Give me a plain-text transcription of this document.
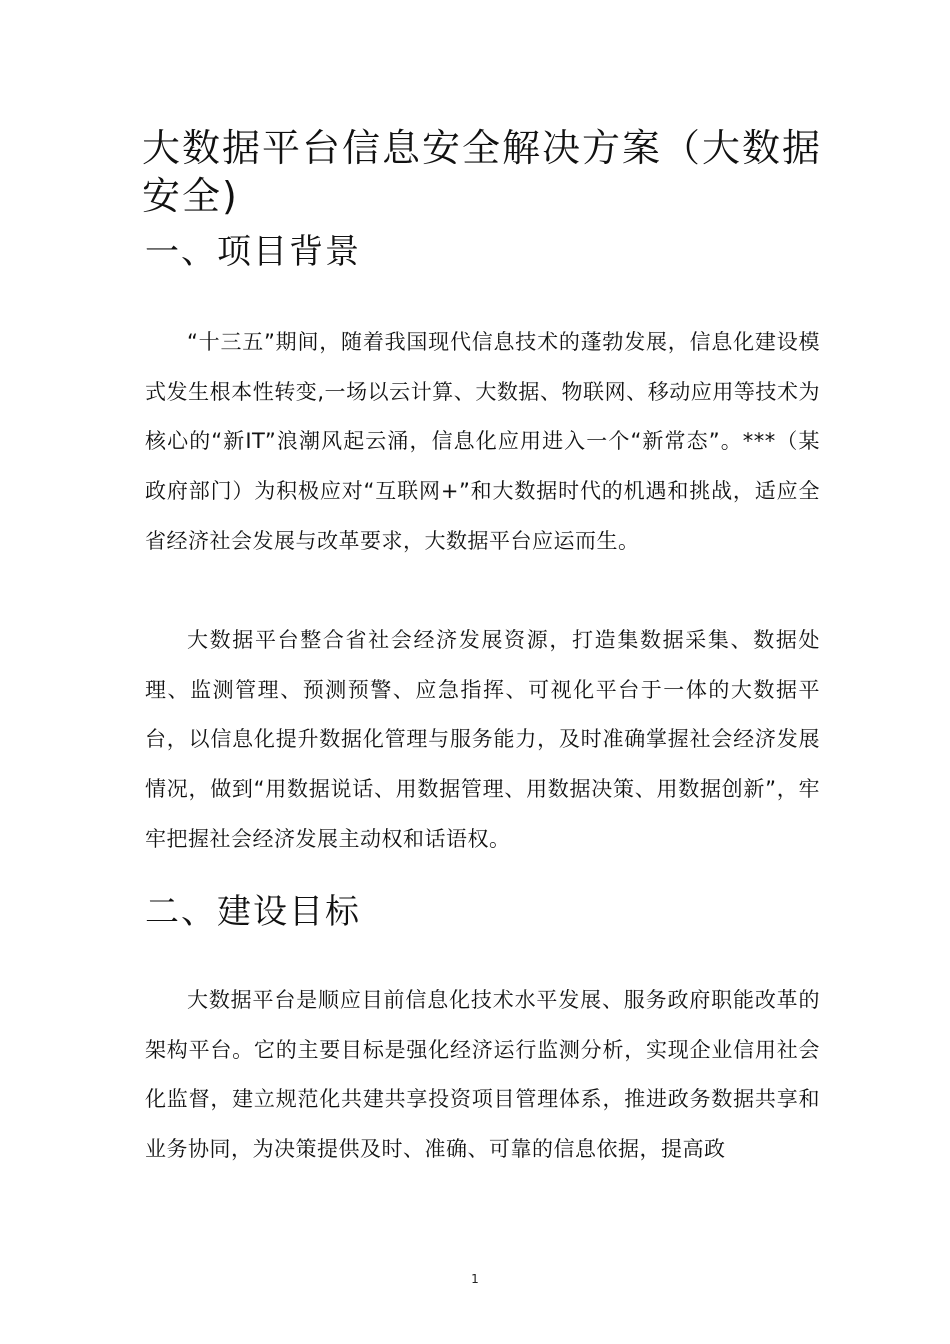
大数据平台信息安全解决方案（大数据安全)
一、项目背景

“十三五”期间，随着我国现代信息技术的蓬勃发展，信息化建设模式发生根本性转变,一场以云计算、大数据、物联网、移动应用等技术为核心的“新IT”浪潮风起云涌，信息化应用进入一个“新常态”。***（某政府部门）为积极应对“互联网+”和大数据时代的机遇和挑战，适应全省经济社会发展与改革要求，大数据平台应运而生。

大数据平台整合省社会经济发展资源，打造集数据采集、数据处理、监测管理、预测预警、应急指挥、可视化平台于一体的大数据平台，以信息化提升数据化管理与服务能力，及时准确掌握社会经济发展情况，做到“用数据说话、用数据管理、用数据决策、用数据创新”，牢牢把握社会经济发展主动权和话语权。

二、建设目标

大数据平台是顺应目前信息化技术水平发展、服务政府职能改革的架构平台。它的主要目标是强化经济运行监测分析，实现企业信用社会化监督，建立规范化共建共享投资项目管理体系，推进政务数据共享和业务协同，为决策提供及时、准确、可靠的信息依据，提高政

1
